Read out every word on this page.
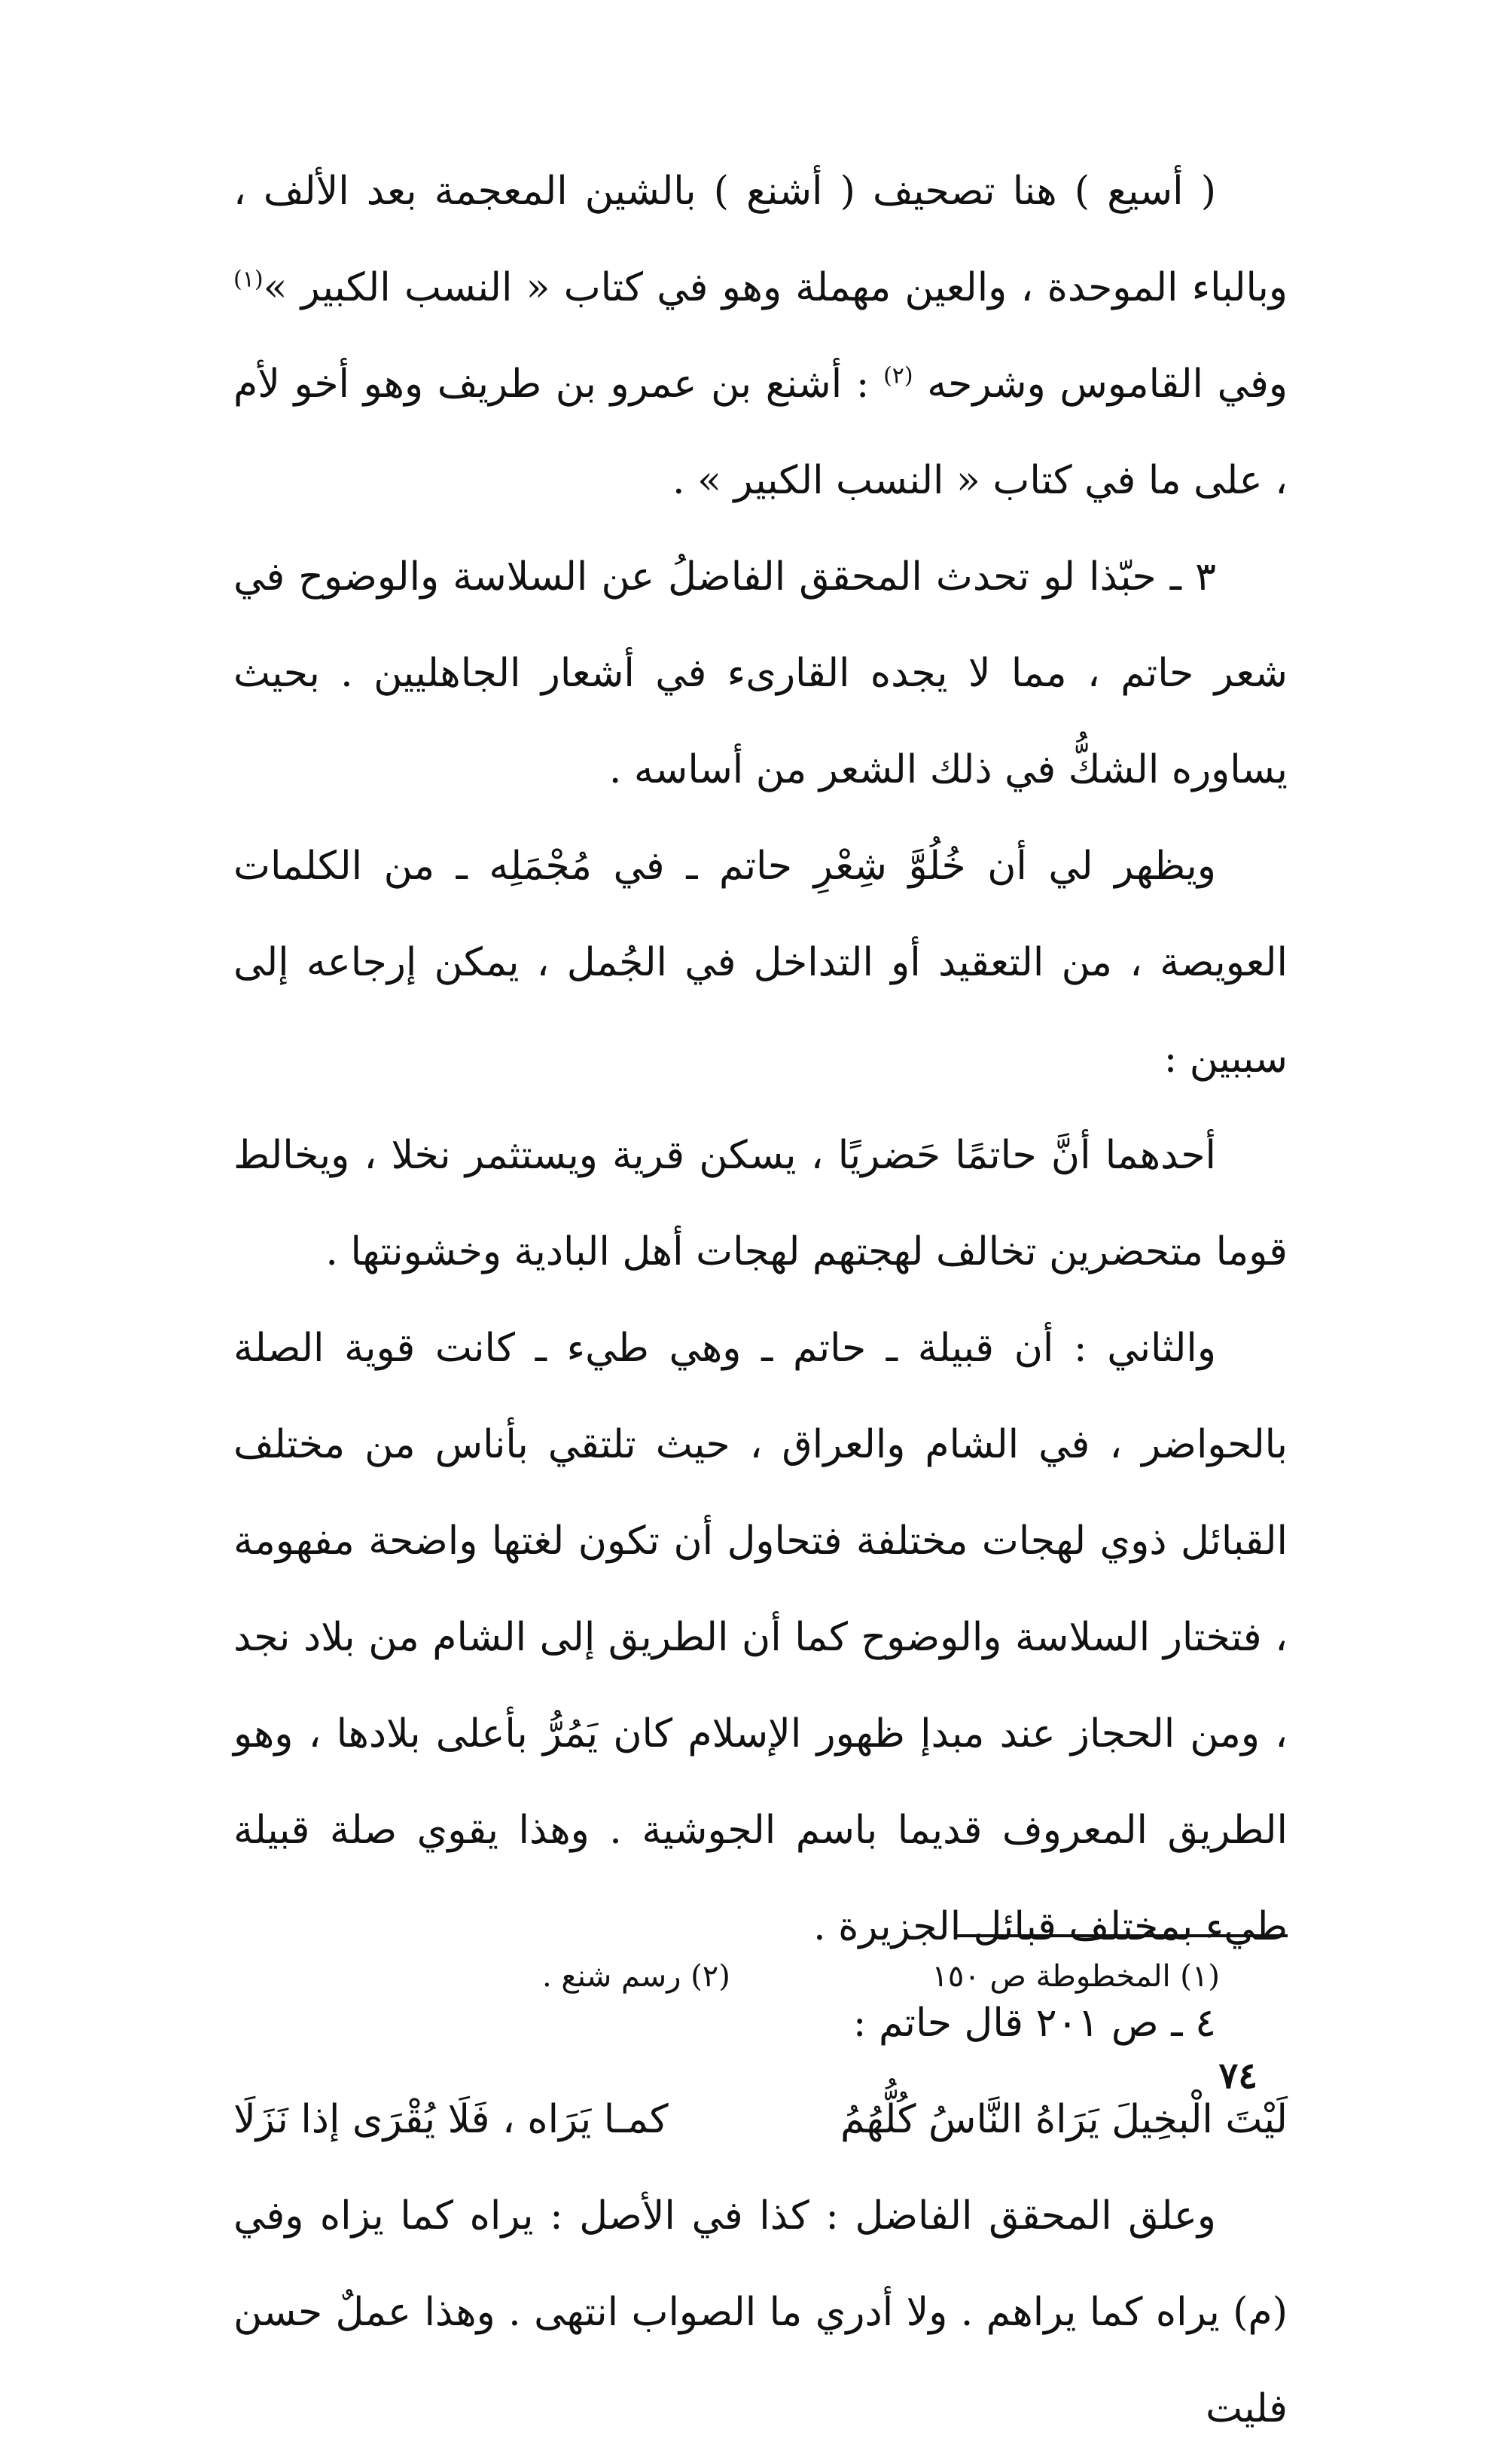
( أسيع ) هنا تصحيف ( أشنع ) بالشين المعجمة بعد الألف ، وبالباء الموحدة ، والعين مهملة وهو في كتاب « النسب الكبير »$^{(١)}$ وفي القاموس وشرحه $^{(٢)}$ : أشنع بن عمرو بن طريف وهو أخو لأم ، على ما في كتاب « النسب الكبير » .

٣ ـ حبّذا لو تحدث المحقق الفاضلُ عن السلاسة والوضوح في شعر حاتم ، مما لا يجده القارىء في أشعار الجاهليين . بحيث يساوره الشكُّ في ذلك الشعر من أساسه .

ويظهر لي أن خُلُوَّ شِعْرِ حاتم ـ في مُجْمَلِه ـ من الكلمات العويصة ، من التعقيد أو التداخل في الجُمل ، يمكن إرجاعه إلى سببين :

أحدهما أنَّ حاتمًا حَضريًا ، يسكن قرية ويستثمر نخلا ، ويخالط قوما متحضرين تخالف لهجتهم لهجات أهل البادية وخشونتها .

والثاني : أن قبيلة ـ حاتم ـ وهي طيء ـ كانت قوية الصلة بالحواضر ، في الشام والعراق ، حيث تلتقي بأناس من مختلف القبائل ذوي لهجات مختلفة فتحاول أن تكون لغتها واضحة مفهومة ، فتختار السلاسة والوضوح كما أن الطريق إلى الشام من بلاد نجد ، ومن الحجاز عند مبدإ ظهور الإسلام كان يَمُرُّ بأعلى بلادها ، وهو الطريق المعروف قديما باسم الجوشية . وهذا يقوي صلة قبيلة طيء بمختلف قبائل الجزيرة .

٤ ـ ص ٢٠١ قال حاتم :

لَيْتَ الْبخِيلَ يَرَاهُ النَّاسُ كُلُّهُمُ
كمـا يَرَاه ، فَلَا يُقْرَى إذا نَزَلَا

وعلق المحقق الفاضل : كذا في الأصل : يراه كما يزاه وفي (م) يراه كما يراهم . ولا أدري ما الصواب انتهى . وهذا عملٌ حسن فليت

(١) المخطوطة ص ١٥٠
(٢) رسم شنع .
٧٤
